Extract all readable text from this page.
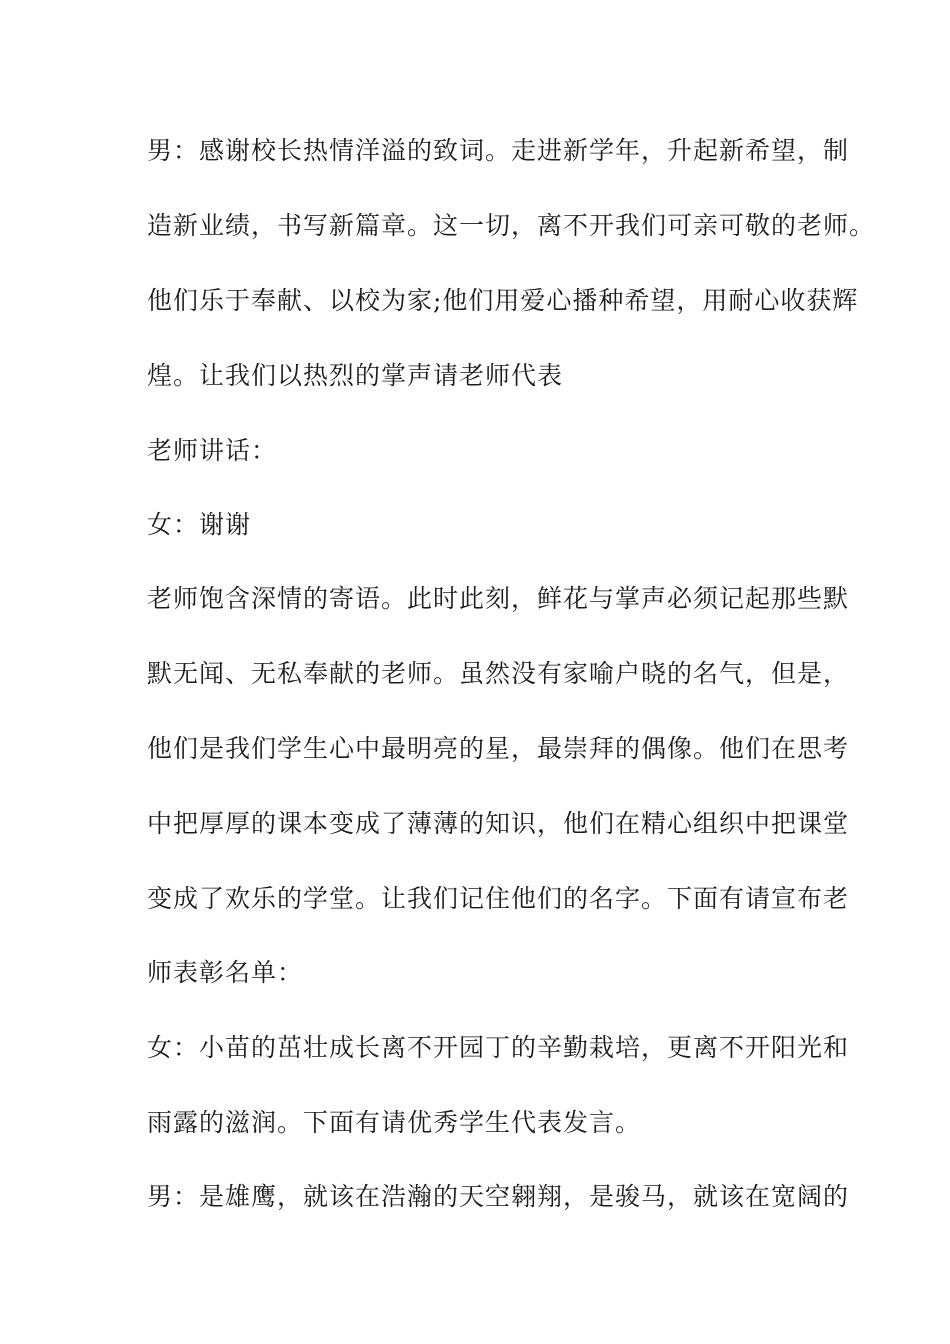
男：感谢校长热情洋溢的致词。走进新学年，升起新希望，制

造新业绩，书写新篇章。这一切，离不开我们可亲可敬的老师。

他们乐于奉献、以校为家;他们用爱心播种希望，用耐心收获辉

煌。让我们以热烈的掌声请老师代表

老师讲话：

女：谢谢

老师饱含深情的寄语。此时此刻，鲜花与掌声必须记起那些默

默无闻、无私奉献的老师。虽然没有家喻户晓的名气，但是，

他们是我们学生心中最明亮的星，最崇拜的偶像。他们在思考

中把厚厚的课本变成了薄薄的知识，他们在精心组织中把课堂

变成了欢乐的学堂。让我们记住他们的名字。下面有请宣布老

师表彰名单：

女：小苗的茁壮成长离不开园丁的辛勤栽培，更离不开阳光和

雨露的滋润。下面有请优秀学生代表发言。

男：是雄鹰，就该在浩瀚的天空翱翔，是骏马，就该在宽阔的
